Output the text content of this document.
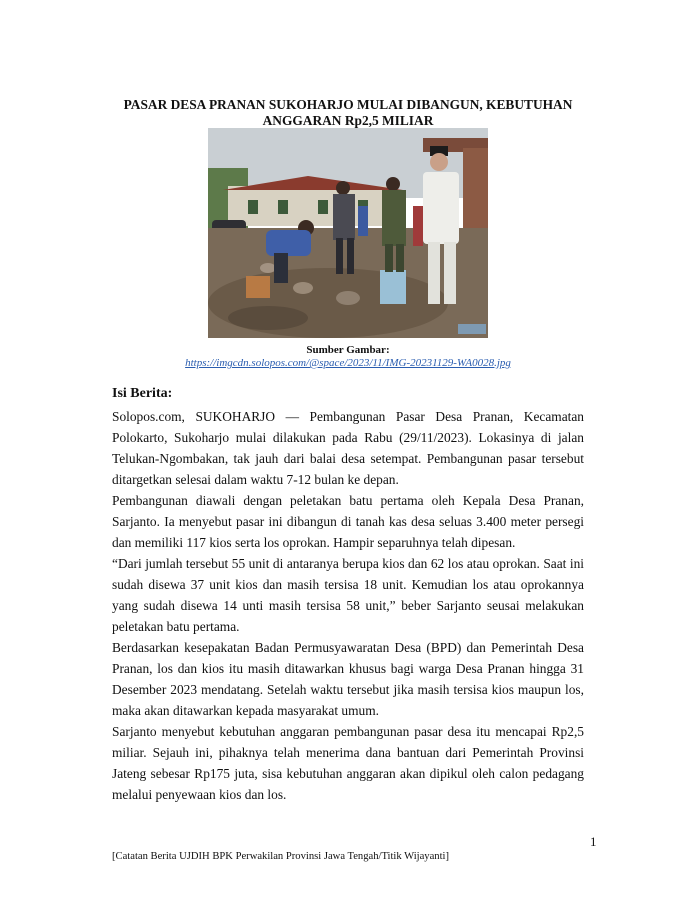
PASAR DESA PRANAN SUKOHARJO MULAI DIBANGUN, KEBUTUHAN ANGGARAN Rp2,5 MILIAR
Sumber Gambar:
https://imgcdn.solopos.com/@space/2023/11/IMG-20231129-WA0028.jpg
Isi Berita:

Solopos.com, SUKOHARJO — Pembangunan Pasar Desa Pranan, Kecamatan Polokarto, Sukoharjo mulai dilakukan pada Rabu (29/11/2023). Lokasinya di jalan Telukan-Ngombakan, tak jauh dari balai desa setempat. Pembangunan pasar tersebut ditargetkan selesai dalam waktu 7-12 bulan ke depan.

Pembangunan diawali dengan peletakan batu pertama oleh Kepala Desa Pranan, Sarjanto. Ia menyebut pasar ini dibangun di tanah kas desa seluas 3.400 meter persegi dan memiliki 117 kios serta los oprokan. Hampir separuhnya telah dipesan.

“Dari jumlah tersebut 55 unit di antaranya berupa kios dan 62 los atau oprokan. Saat ini sudah disewa 37 unit kios dan masih tersisa 18 unit. Kemudian los atau oprokannya yang sudah disewa 14 unti masih tersisa 58 unit,” beber Sarjanto seusai melakukan peletakan batu pertama.

Berdasarkan kesepakatan Badan Permusyawaratan Desa (BPD) dan Pemerintah Desa Pranan, los dan kios itu masih ditawarkan khusus bagi warga Desa Pranan hingga 31 Desember 2023 mendatang. Setelah waktu tersebut jika masih tersisa kios maupun los, maka akan ditawarkan kepada masyarakat umum.

Sarjanto menyebut kebutuhan anggaran pembangunan pasar desa itu mencapai Rp2,5 miliar. Sejauh ini, pihaknya telah menerima dana bantuan dari Pemerintah Provinsi Jateng sebesar Rp175 juta, sisa kebutuhan anggaran akan dipikul oleh calon pedagang melalui penyewaan kios dan los.

1
[Catatan Berita UJDIH BPK Perwakilan Provinsi Jawa Tengah/Titik Wijayanti]
